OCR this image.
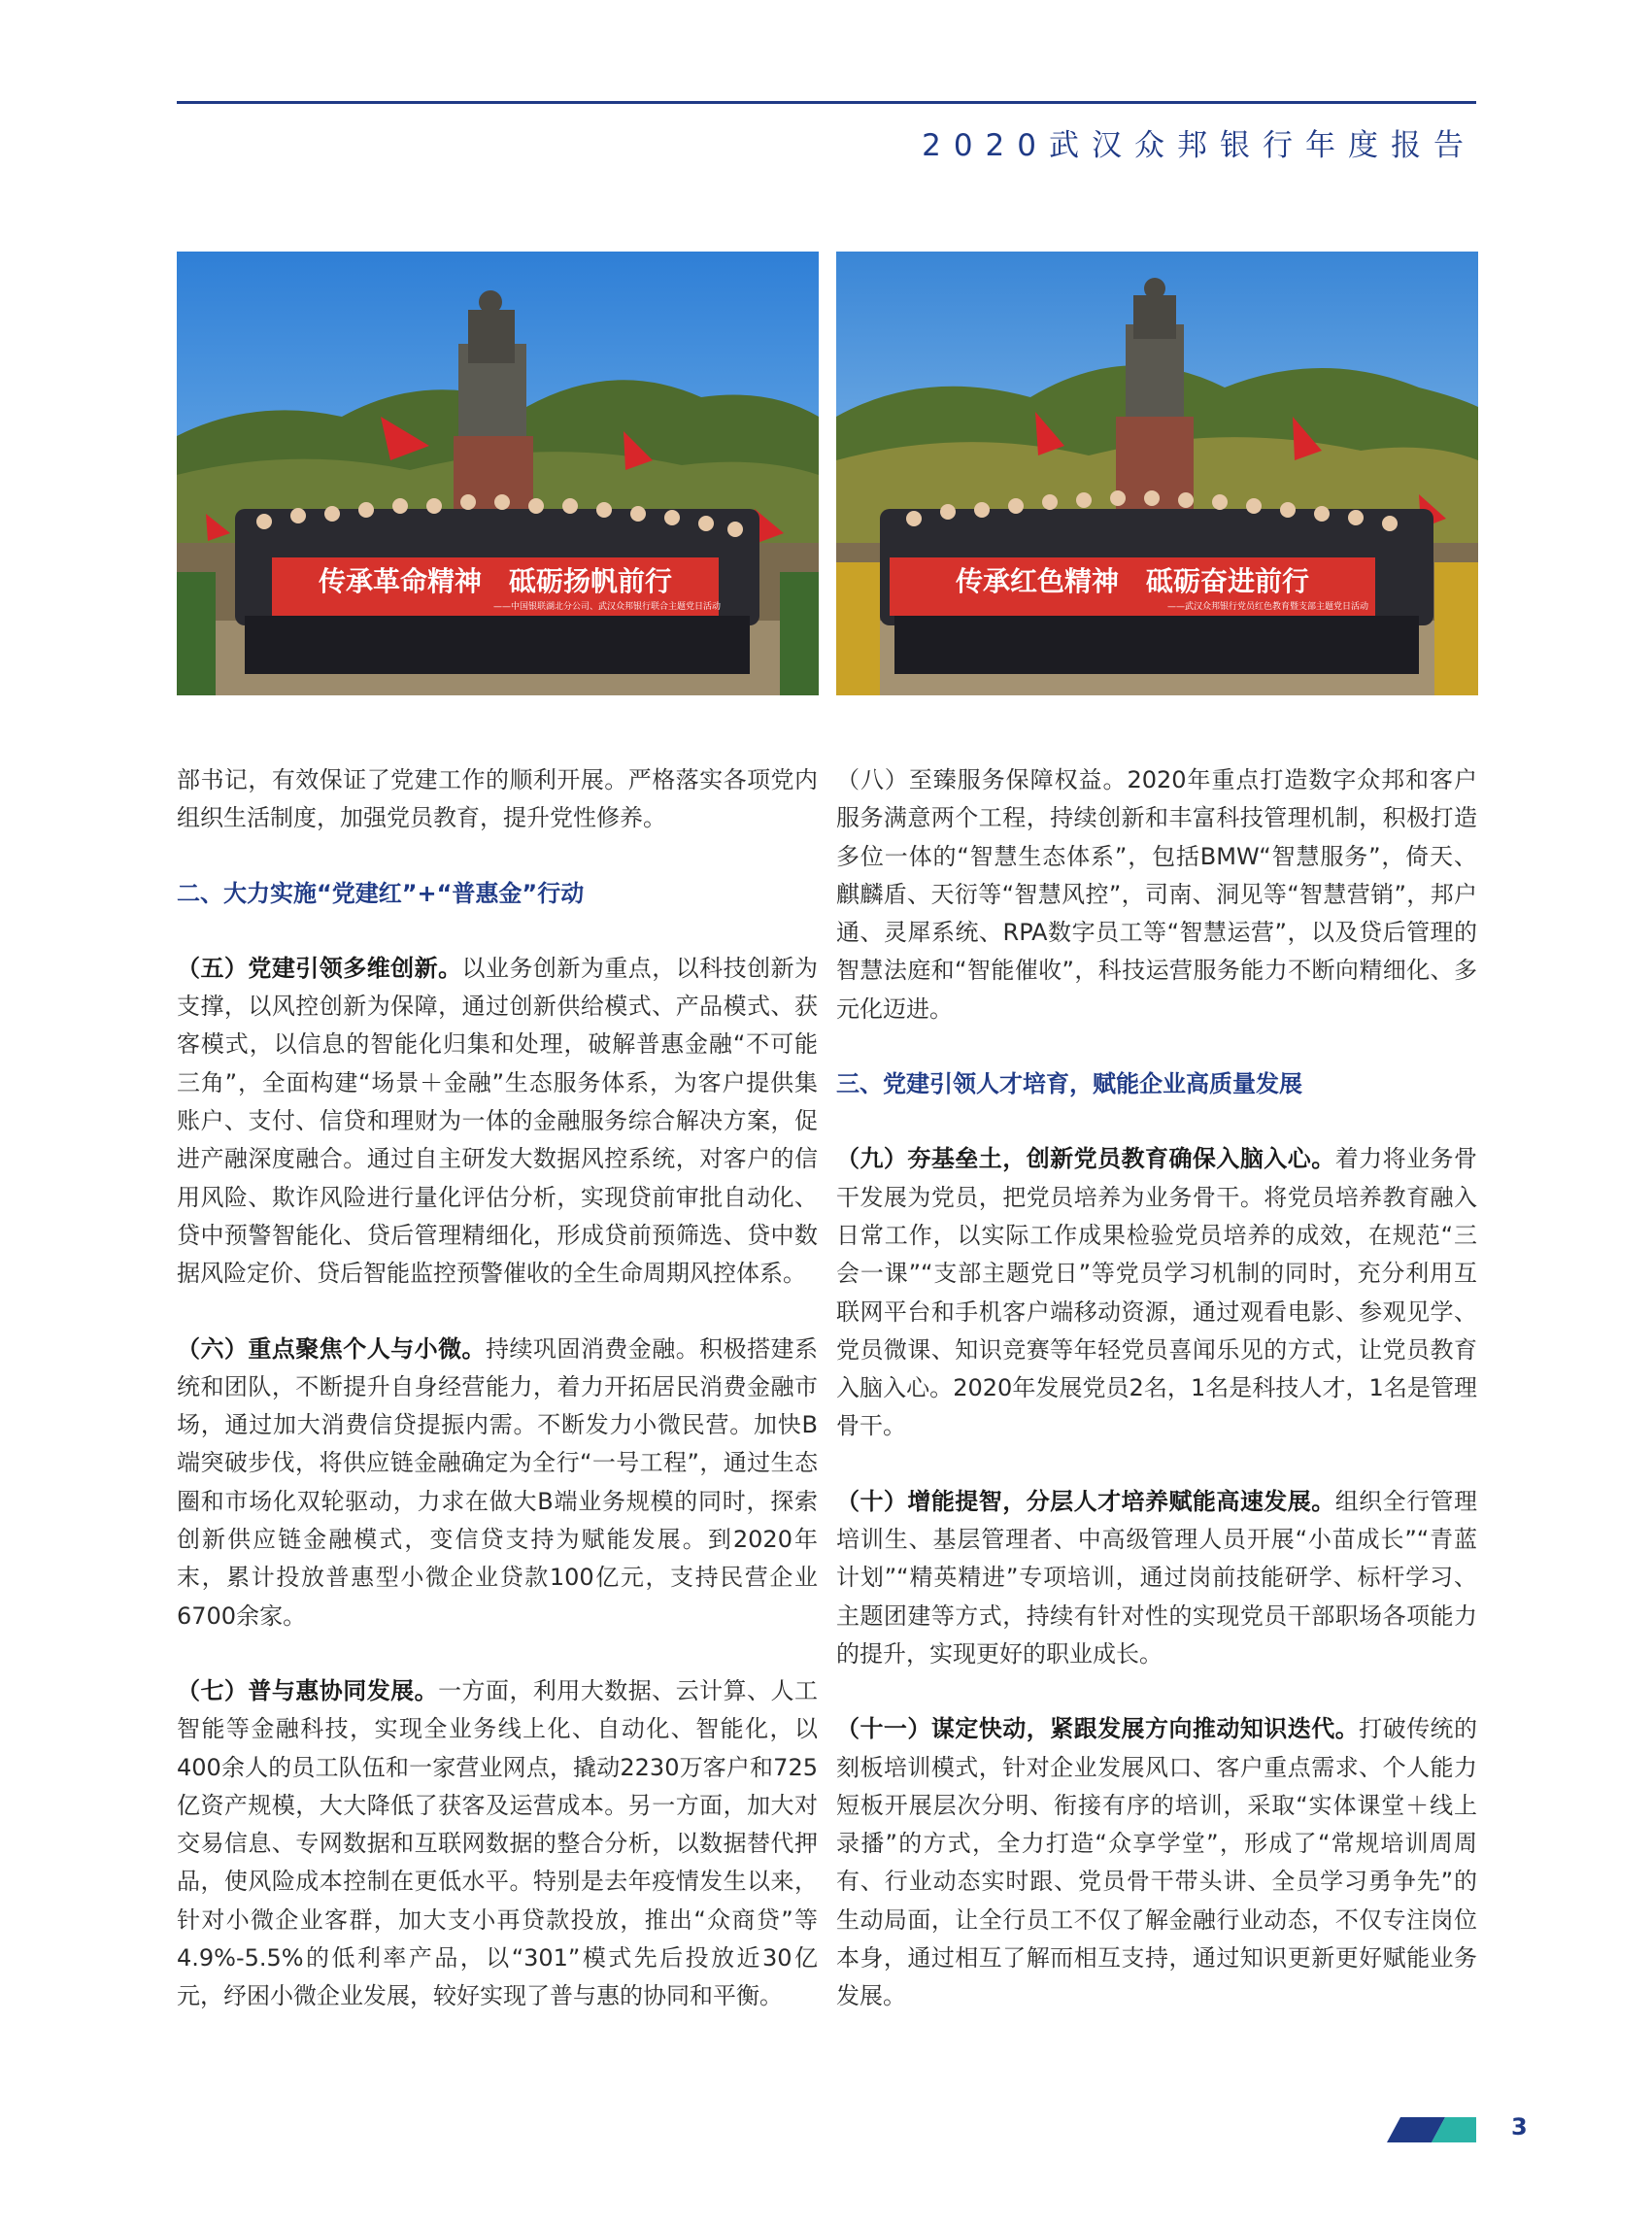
2020武汉众邦银行年度报告
传承革命精神　砥砺扬帆前行
——中国银联湖北分公司、武汉众邦银行联合主题党日活动
传承红色精神　砥砺奋进前行
——武汉众邦银行党员红色教育暨支部主题党日活动

部书记，有效保证了党建工作的顺利开展。严格落实各项党内组织生活制度，加强党员教育，提升党性修养。

二、大力实施“党建红”+“普惠金”行动

（五）党建引领多维创新。以业务创新为重点，以科技创新为支撑，以风控创新为保障，通过创新供给模式、产品模式、获客模式，以信息的智能化归集和处理，破解普惠金融“不可能三角”，全面构建“场景＋金融”生态服务体系，为客户提供集账户、支付、信贷和理财为一体的金融服务综合解决方案，促进产融深度融合。通过自主研发大数据风控系统，对客户的信用风险、欺诈风险进行量化评估分析，实现贷前审批自动化、贷中预警智能化、贷后管理精细化，形成贷前预筛选、贷中数据风险定价、贷后智能监控预警催收的全生命周期风控体系。

（六）重点聚焦个人与小微。持续巩固消费金融。积极搭建系统和团队，不断提升自身经营能力，着力开拓居民消费金融市场，通过加大消费信贷提振内需。不断发力小微民营。加快B端突破步伐，将供应链金融确定为全行“一号工程”，通过生态圈和市场化双轮驱动，力求在做大B端业务规模的同时，探索创新供应链金融模式，变信贷支持为赋能发展。到2020年末，累计投放普惠型小微企业贷款100亿元，支持民营企业6700余家。

（七）普与惠协同发展。一方面，利用大数据、云计算、人工智能等金融科技，实现全业务线上化、自动化、智能化，以400余人的员工队伍和一家营业网点，撬动2230万客户和725亿资产规模，大大降低了获客及运营成本。另一方面，加大对交易信息、专网数据和互联网数据的整合分析，以数据替代押品，使风险成本控制在更低水平。特别是去年疫情发生以来，针对小微企业客群，加大支小再贷款投放，推出“众商贷”等4.9%-5.5%的低利率产品，以“301”模式先后投放近30亿元，纾困小微企业发展，较好实现了普与惠的协同和平衡。

（八）至臻服务保障权益。2020年重点打造数字众邦和客户服务满意两个工程，持续创新和丰富科技管理机制，积极打造多位一体的“智慧生态体系”，包括BMW“智慧服务”，倚天、麒麟盾、天衍等“智慧风控”，司南、洞见等“智慧营销”，邦户通、灵犀系统、RPA数字员工等“智慧运营”，以及贷后管理的智慧法庭和“智能催收”，科技运营服务能力不断向精细化、多元化迈进。

三、党建引领人才培育，赋能企业高质量发展

（九）夯基垒土，创新党员教育确保入脑入心。着力将业务骨干发展为党员，把党员培养为业务骨干。将党员培养教育融入日常工作，以实际工作成果检验党员培养的成效，在规范“三会一课”“支部主题党日”等党员学习机制的同时，充分利用互联网平台和手机客户端移动资源，通过观看电影、参观见学、党员微课、知识竞赛等年轻党员喜闻乐见的方式，让党员教育入脑入心。2020年发展党员2名，1名是科技人才，1名是管理骨干。

（十）增能提智，分层人才培养赋能高速发展。组织全行管理培训生、基层管理者、中高级管理人员开展“小苗成长”“青蓝计划”“精英精进”专项培训，通过岗前技能研学、标杆学习、主题团建等方式，持续有针对性的实现党员干部职场各项能力的提升，实现更好的职业成长。

（十一）谋定快动，紧跟发展方向推动知识迭代。打破传统的刻板培训模式，针对企业发展风口、客户重点需求、个人能力短板开展层次分明、衔接有序的培训，采取“实体课堂＋线上录播”的方式，全力打造“众享学堂”，形成了“常规培训周周有、行业动态实时跟、党员骨干带头讲、全员学习勇争先”的生动局面，让全行员工不仅了解金融行业动态，不仅专注岗位本身，通过相互了解而相互支持，通过知识更新更好赋能业务发展。

3
